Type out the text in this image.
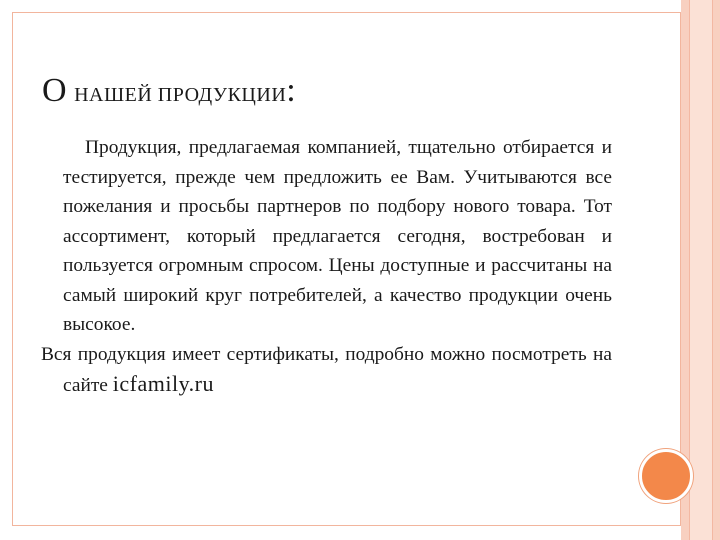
О НАШЕЙ ПРОДУКЦИИ:
Продукция, предлагаемая компанией, тщательно отбирается и тестируется, прежде чем предложить ее Вам. Учитываются все пожелания и просьбы партнеров по подбору нового товара. Тот ассортимент, который предлагается сегодня, востребован и пользуется огромным спросом. Цены доступные и рассчитаны на самый широкий круг потребителей, а качество продукции очень высокое.
Вся продукция имеет сертификаты, подробно можно посмотреть на сайте icfamily.ru
